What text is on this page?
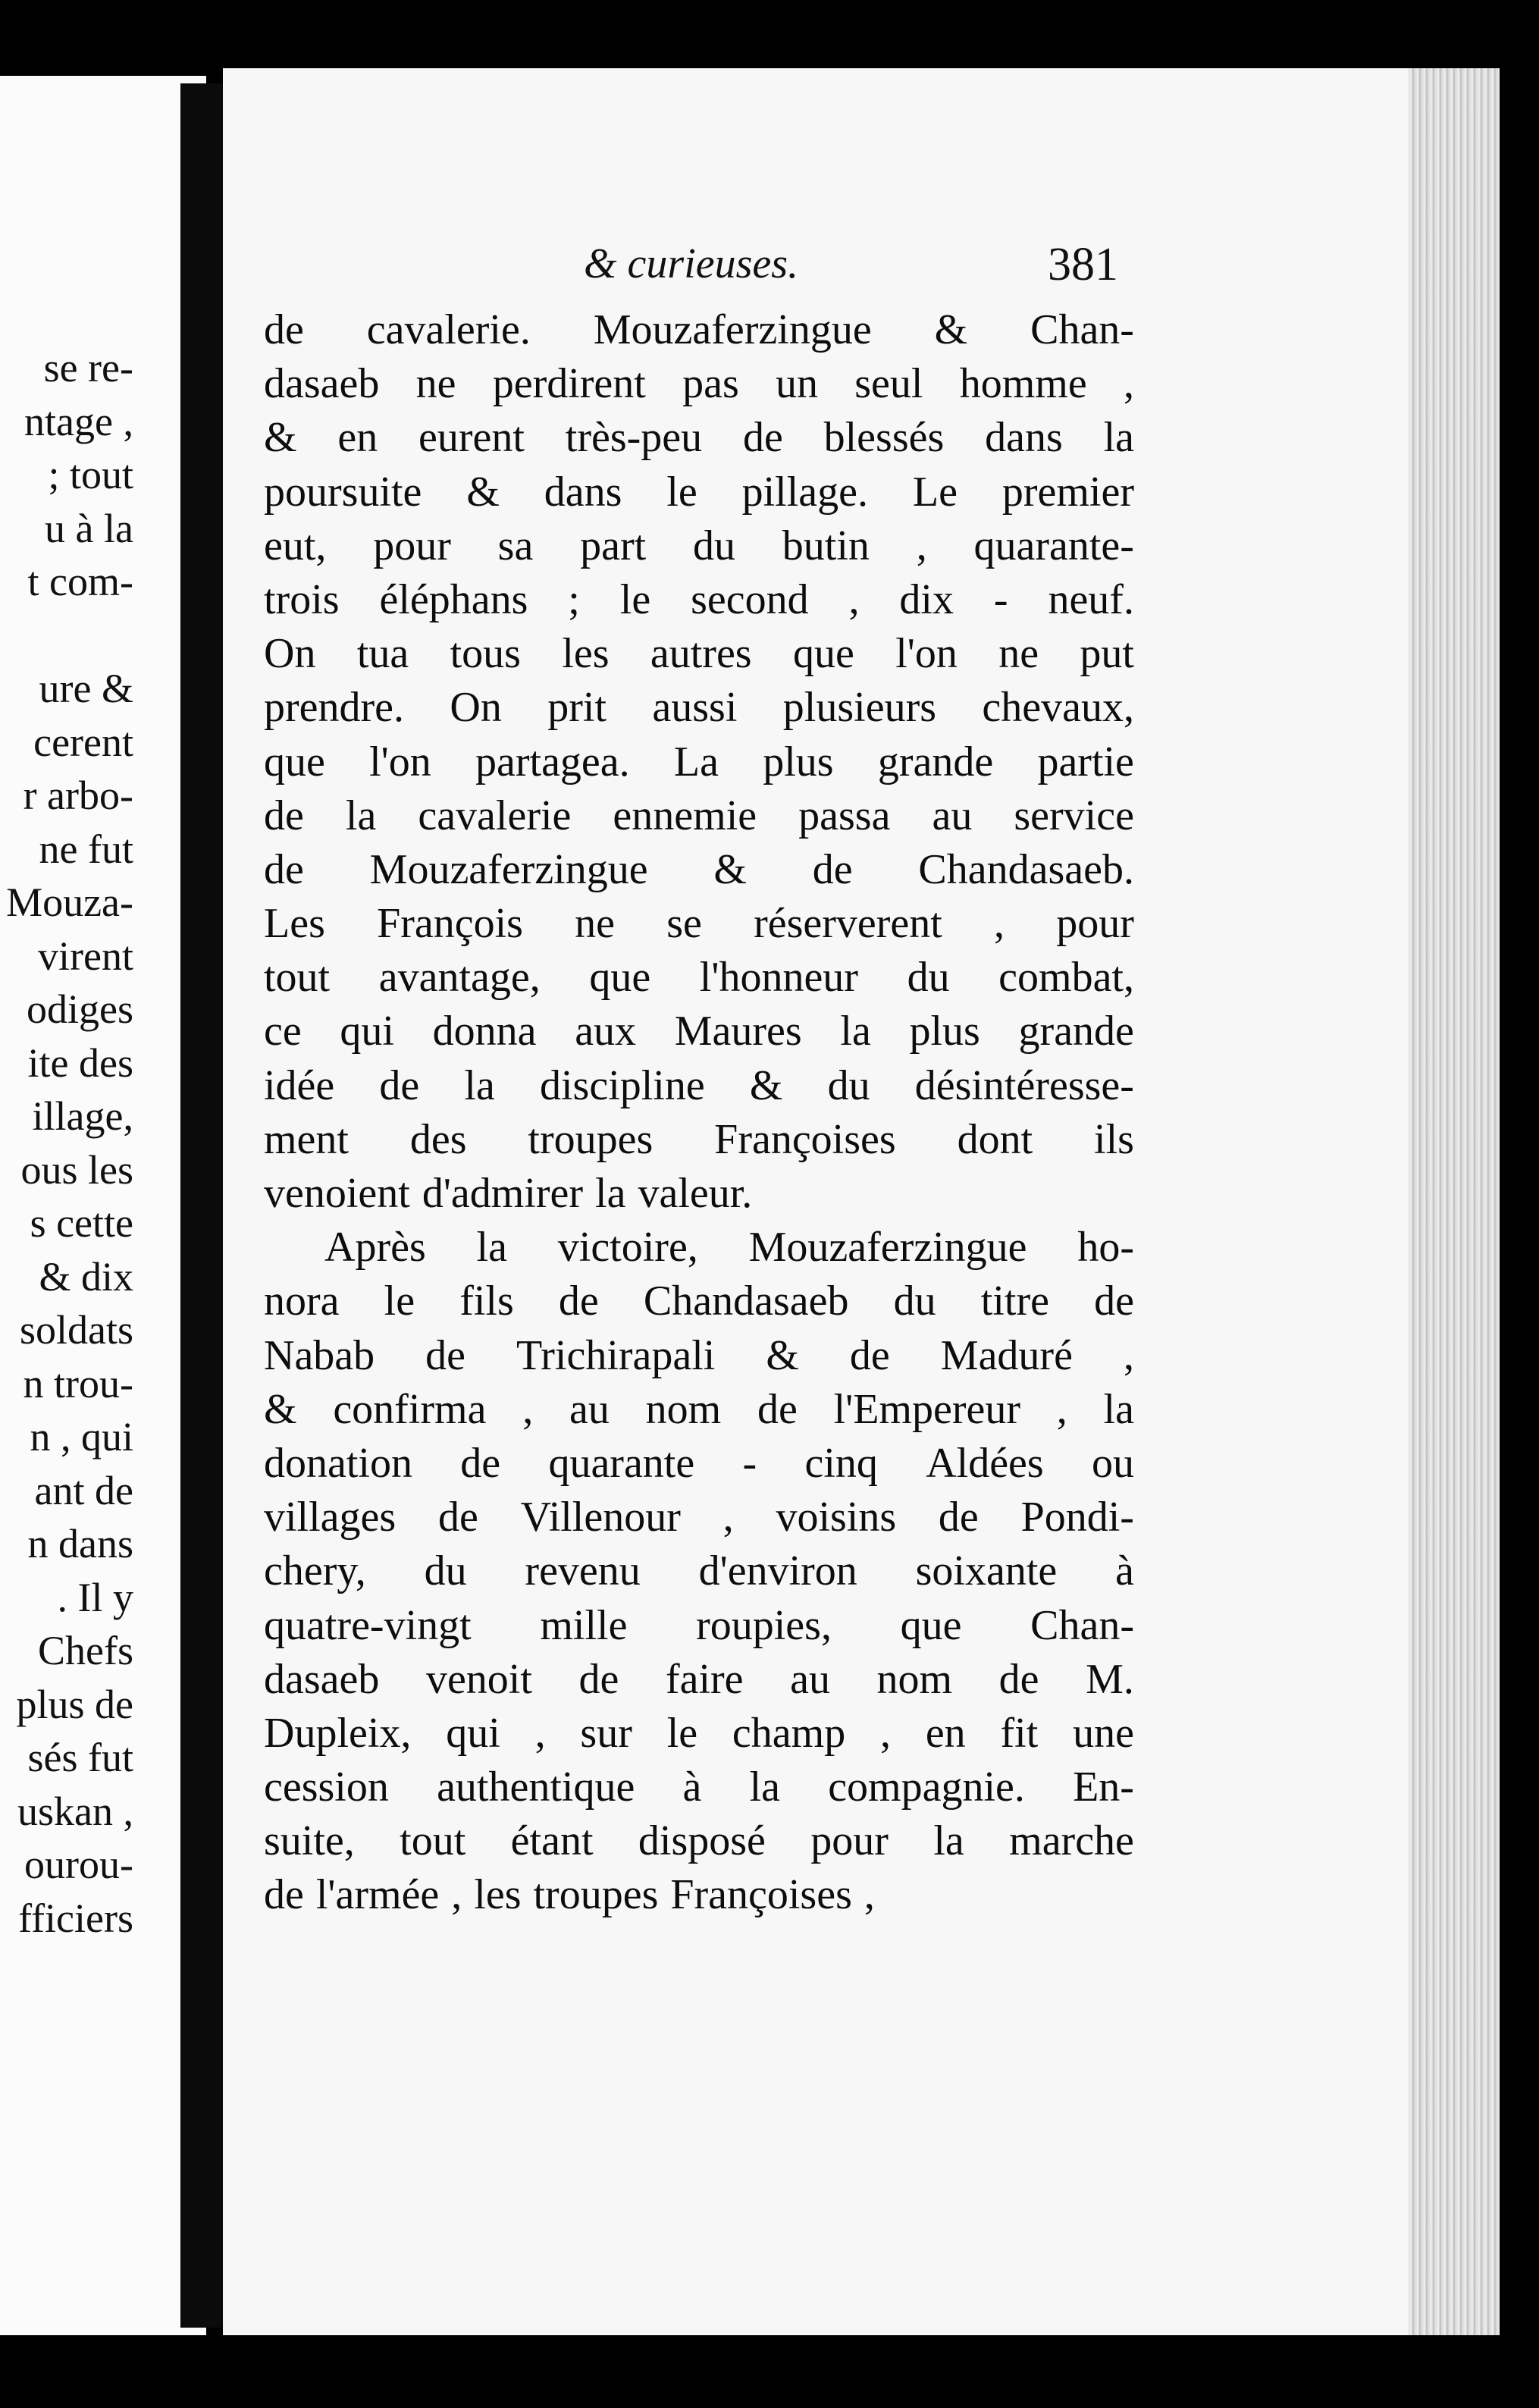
se re-
ntage ,
; tout
u à la
t com-
ure &
cerent
r arbo-
ne fut
Mouza-
virent
odiges
ite des
illage,
ous les
s cette
& dix
soldats
n trou-
n , qui
ant de
n dans
. Il y
Chefs
plus de
sés fut
uskan ,
ourou-
fficiers
& curieuses.	381
de cavalerie. Mouzaferzingue & Chan-
dasaeb ne perdirent pas un seul homme ,
& en eurent très-peu de blessés dans la
poursuite & dans le pillage. Le premier
eut, pour sa part du butin , quarante-
trois éléphans ; le second , dix - neuf.
On tua tous les autres que l'on ne put
prendre. On prit aussi plusieurs chevaux,
que l'on partagea. La plus grande partie
de la cavalerie ennemie passa au service
de Mouzaferzingue & de Chandasaeb.
Les François ne se réserverent , pour
tout avantage, que l'honneur du combat,
ce qui donna aux Maures la plus grande
idée de la discipline & du désintéresse-
ment des troupes Françoises dont ils
venoient d'admirer la valeur.
Après la victoire, Mouzaferzingue ho-
nora le fils de Chandasaeb du titre de
Nabab de Trichirapali & de Maduré ,
& confirma , au nom de l'Empereur , la
donation de quarante - cinq Aldées ou
villages de Villenour , voisins de Pondi-
chery, du revenu d'environ soixante à
quatre-vingt mille roupies, que Chan-
dasaeb venoit de faire au nom de M.
Dupleix, qui , sur le champ , en fit une
cession authentique à la compagnie. En-
suite, tout étant disposé pour la marche
de l'armée , les troupes Françoises ,
